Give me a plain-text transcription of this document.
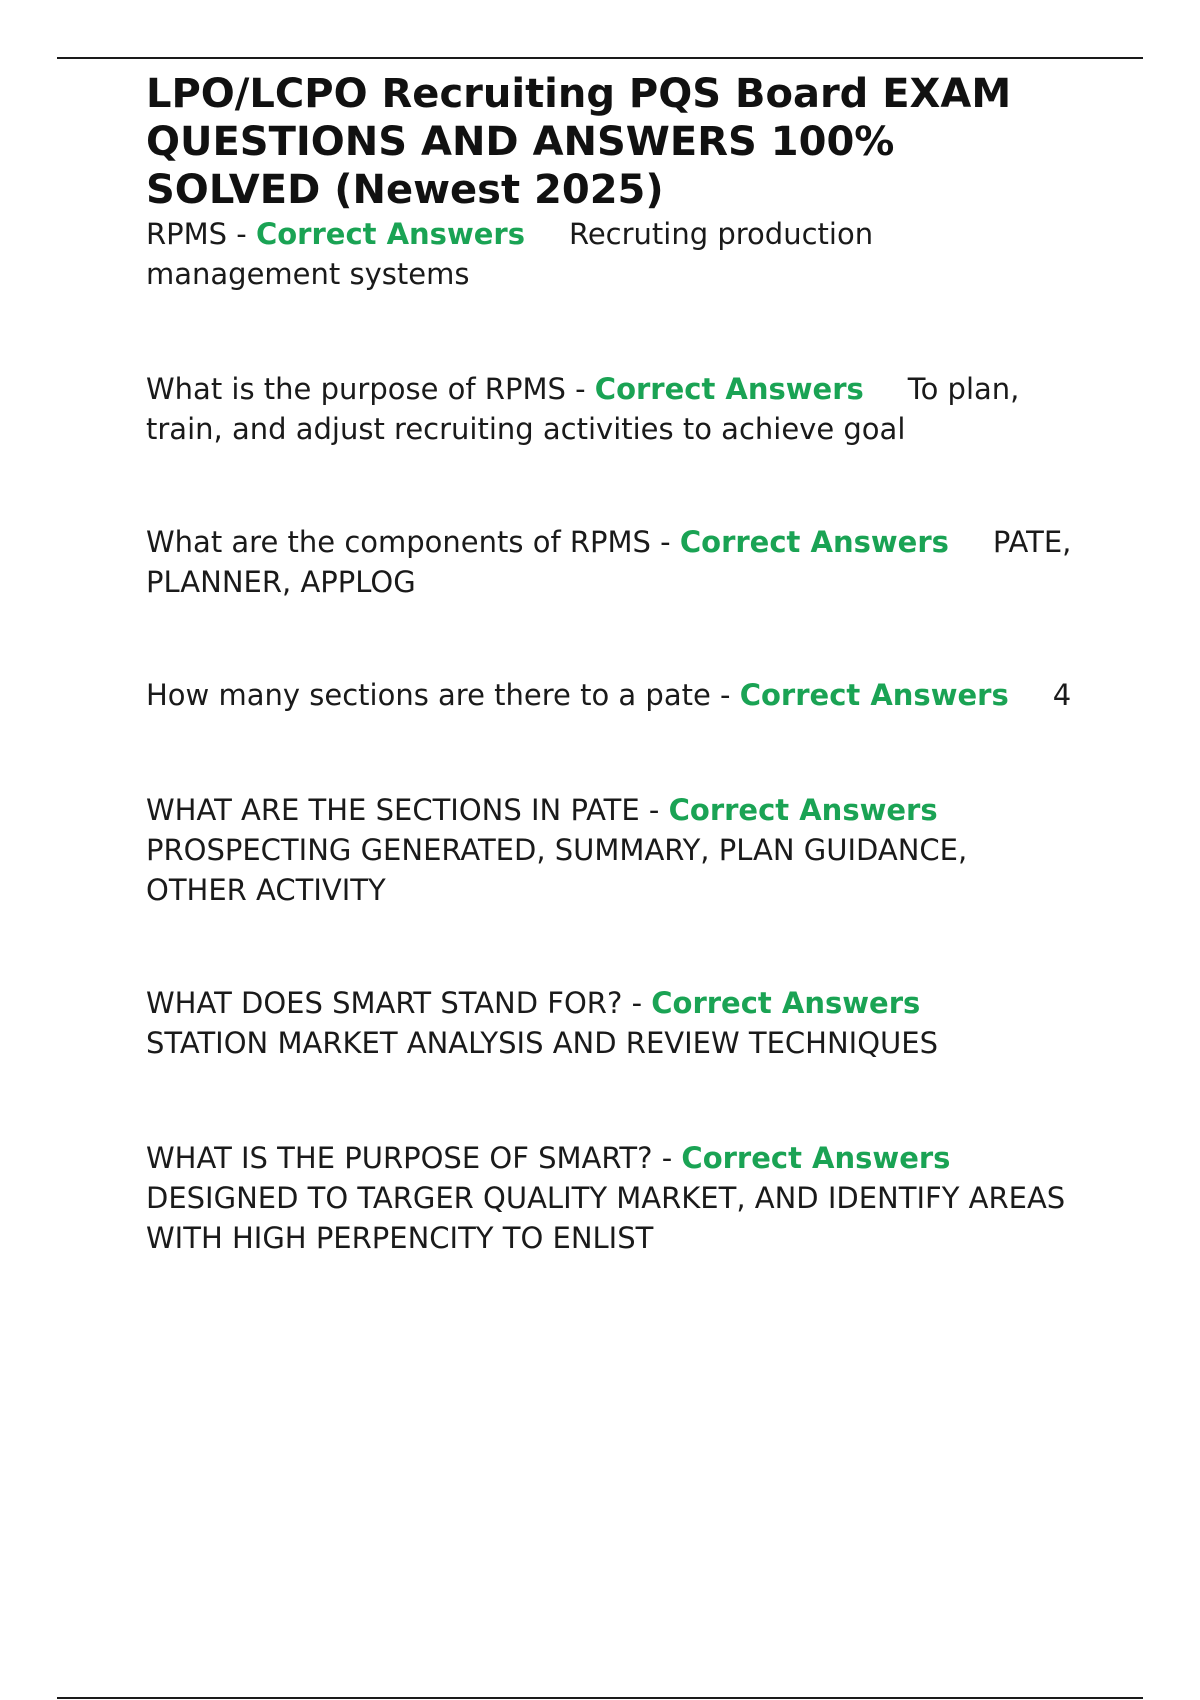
LPO/LCPO Recruiting PQS Board EXAM QUESTIONS AND ANSWERS 100% SOLVED (Newest 2025)

RPMS - Correct Answers Recruting production management systems

What is the purpose of RPMS - Correct Answers To plan, train, and adjust recruiting activities to achieve goal

What are the components of RPMS - Correct Answers PATE, PLANNER, APPLOG

How many sections are there to a pate - Correct Answers 4

WHAT ARE THE SECTIONS IN PATE - Correct AnswersPROSPECTING GENERATED, SUMMARY, PLAN GUIDANCE, OTHER ACTIVITY

WHAT DOES SMART STAND FOR? - Correct AnswersSTATION MARKET ANALYSIS AND REVIEW TECHNIQUES

WHAT IS THE PURPOSE OF SMART? - Correct AnswersDESIGNED TO TARGER QUALITY MARKET, AND IDENTIFY AREAS WITH HIGH PERPENCITY TO ENLIST
